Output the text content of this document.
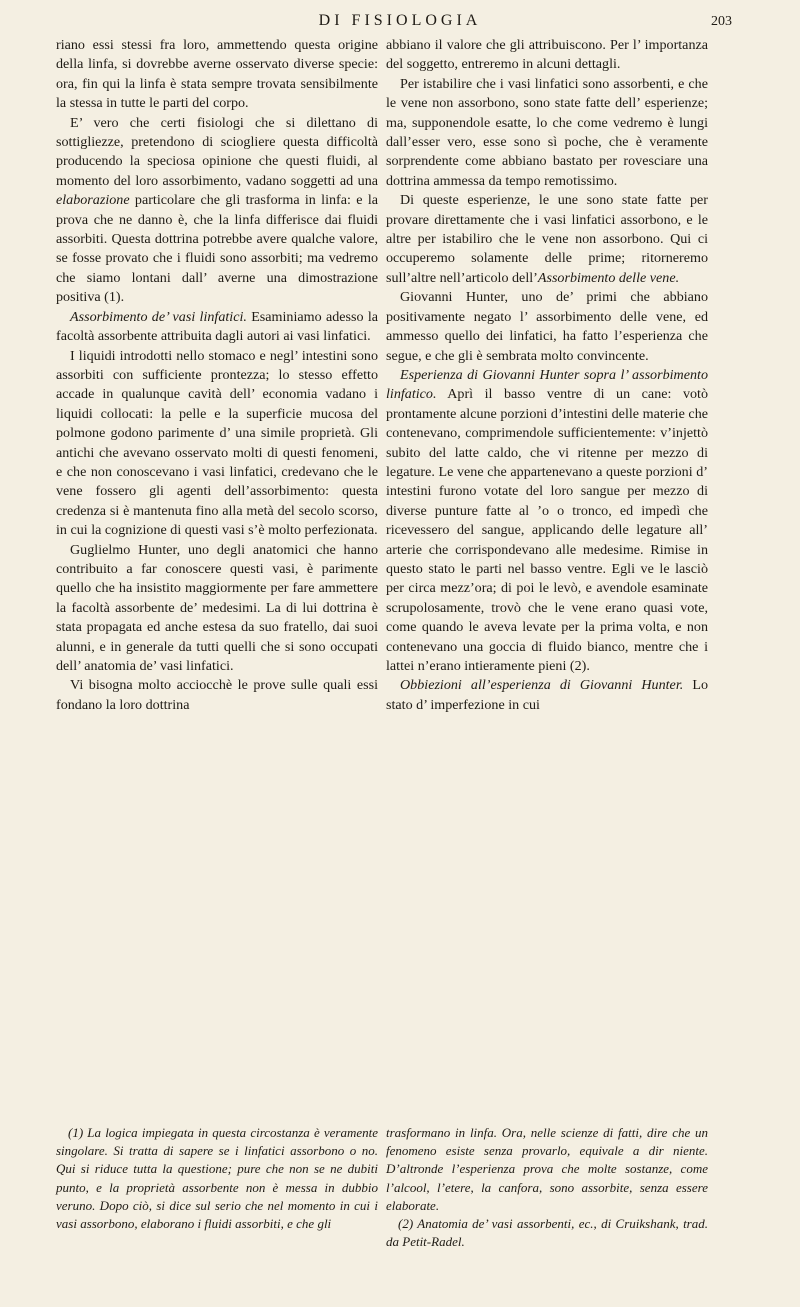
DI FISIOLOGIA	203

riano essi stessi fra loro, ammettendo questa origine della linfa, si dovrebbe averne osservato diverse specie: ora, fin qui la linfa è stata sempre trovata sensibilmente la stessa in tutte le parti del corpo.

E’ vero che certi fisiologi che si dilettano di sottigliezze, pretendono di sciogliere questa difficoltà producendo la speciosa opinione che questi fluidi, al momento del loro assorbimento, vadano soggetti ad una elaborazione particolare che gli trasforma in linfa: e la prova che ne danno è, che la linfa differisce dai fluidi assorbiti. Questa dottrina potrebbe avere qualche valore, se fosse provato che i fluidi sono assorbiti; ma vedremo che siamo lontani dall’ averne una dimostrazione positiva (1).

Assorbimento de’ vasi linfatici. Esaminiamo adesso la facoltà assorbente attribuita dagli autori ai vasi linfatici.

I liquidi introdotti nello stomaco e negl’ intestini sono assorbiti con sufficiente prontezza; lo stesso effetto accade in qualunque cavità dell’ economia vadano i liquidi collocati: la pelle e la superficie mucosa del polmone godono parimente d’ una simile proprietà. Gli antichi che avevano osservato molti di questi fenomeni, e che non conoscevano i vasi linfatici, credevano che le vene fossero gli agenti dell’assorbimento: questa credenza si è mantenuta fino alla metà del secolo scorso, in cui la cognizione di questi vasi s’è molto perfezionata.

Guglielmo Hunter, uno degli anatomici che hanno contribuito a far conoscere questi vasi, è parimente quello che ha insistito maggiormente per fare ammettere la facoltà assorbente de’ medesimi. La di lui dottrina è stata propagata ed anche estesa da suo fratello, dai suoi alunni, e in generale da tutti quelli che si sono occupati dell’ anatomia de’ vasi linfatici.

Vi bisogna molto acciocchè le prove sulle quali essi fondano la loro dottrina

abbiano il valore che gli attribuiscono. Per l’ importanza del soggetto, entreremo in alcuni dettagli.

Per istabilire che i vasi linfatici sono assorbenti, e che le vene non assorbono, sono state fatte dell’ esperienze; ma, supponendole esatte, lo che come vedremo è lungi dall’esser vero, esse sono sì poche, che è veramente sorprendente come abbiano bastato per rovesciare una dottrina ammessa da tempo remotissimo.

Di queste esperienze, le une sono state fatte per provare direttamente che i vasi linfatici assorbono, e le altre per istabiliro che le vene non assorbono. Qui ci occuperemo solamente delle prime; ritorneremo sull’altre nell’articolo dell’Assorbimento delle vene.

Giovanni Hunter, uno de’ primi che abbiano positivamente negato l’ assorbimento delle vene, ed ammesso quello dei linfatici, ha fatto l’esperienza che segue, e che gli è sembrata molto convincente.

Esperienza di Giovanni Hunter sopra l’ assorbimento linfatico. Aprì il basso ventre di un cane: votò prontamente alcune porzioni d’intestini delle materie che contenevano, comprimendole sufficientemente: v’injettò subito del latte caldo, che vi ritenne per mezzo di legature. Le vene che appartenevano a queste porzioni d’ intestini furono votate del loro sangue per mezzo di diverse punture fatte al ’o o tronco, ed impedì che ricevessero del sangue, applicando delle legature all’ arterie che corrispondevano alle medesime. Rimise in questo stato le parti nel basso ventre. Egli ve le lasciò per circa mezz’ora; di poi le levò, e avendole esaminate scrupolosamente, trovò che le vene erano quasi vote, come quando le aveva levate per la prima volta, e non contenevano una goccia di fluido bianco, mentre che i lattei n’erano intieramente pieni (2).

Obbiezioni all’esperienza di Giovanni Hunter. Lo stato d’ imperfezione in cui

(1) La logica impiegata in questa circostanza è veramente singolare. Si tratta di sapere se i linfatici assorbono o no. Qui si riduce tutta la questione; pure che non se ne dubiti punto, e la proprietà assorbente non è messa in dubbio veruno. Dopo ciò, si dice sul serio che nel momento in cui i vasi assorbono, elaborano i fluidi assorbiti, e che gli

trasformano in linfa. Ora, nelle scienze di fatti, dire che un fenomeno esiste senza provarlo, equivale a dir niente. D’altronde l’esperienza prova che molte sostanze, come l’alcool, l’etere, la canfora, sono assorbite, senza essere elaborate.

(2) Anatomia de’ vasi assorbenti, ec., di Cruikshank, trad. da Petit-Radel.
